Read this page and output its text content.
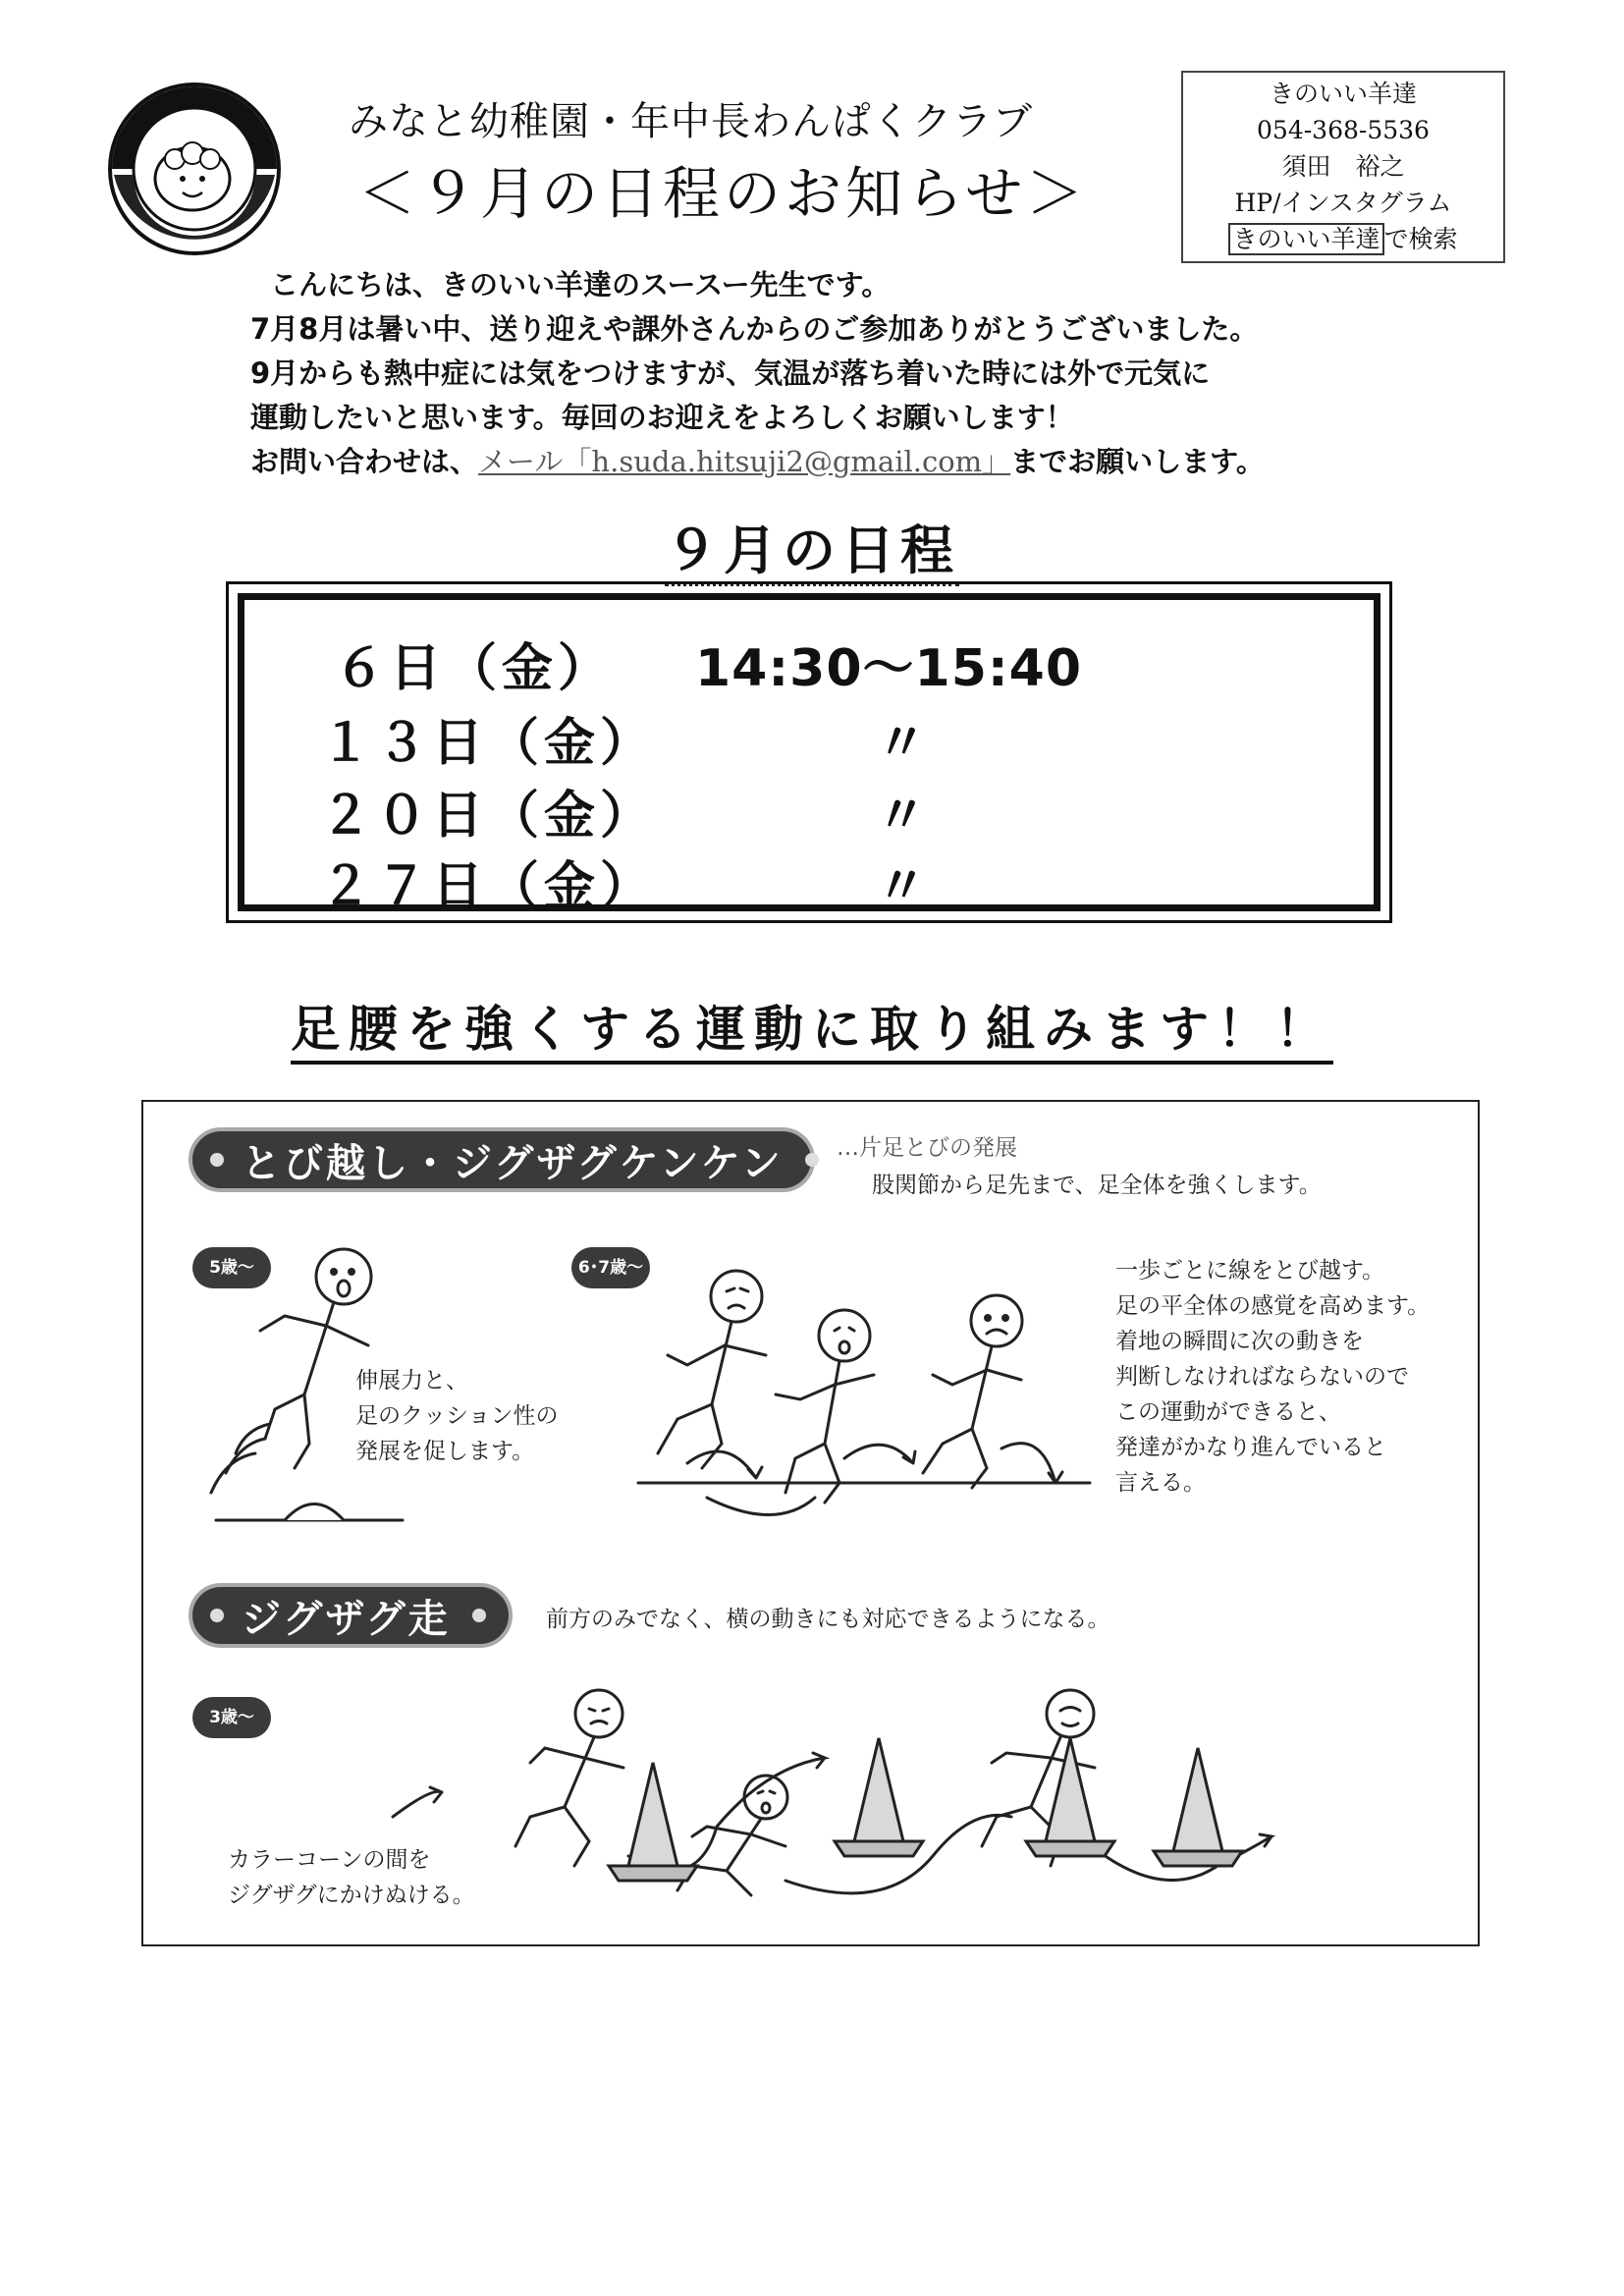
みなと幼稚園・年中長わんぱくクラブ
＜９月の日程のお知らせ＞
きのいい羊達
054-368-5536
須田　裕之
HP/インスタグラム
きのいい羊達 で検索
こんにちは、きのいい羊達のスースー先生です。
7月8月は暑い中、送り迎えや課外さんからのご参加ありがとうございました。
9月からも熱中症には気をつけますが、気温が落ち着いた時には外で元気に
運動したいと思います。毎回のお迎えをよろしくお願いします！
お問い合わせは、メール「h.suda.hitsuji2@gmail.com」までお願いします。
９月の日程
６日（金） 14:30～15:40
１３日（金）	〃
２０日（金）	〃
２７日（金）	〃
足腰を強くする運動に取り組みます！！
とび越し・ジグザグケンケン …片足とびの発展
股関節から足先まで、足全体を強くします。
5歳～	6･7歳～
伸展力と、
足のクッション性の
発展を促します。
一歩ごとに線をとび越す。
足の平全体の感覚を高めます。
着地の瞬間に次の動きを
判断しなければならないので
この運動ができると、
発達がかなり進んでいると
言える。
ジグザグ走	前方のみでなく、横の動きにも対応できるようになる。
3歳～
カラーコーンの間を
ジグザグにかけぬける。
